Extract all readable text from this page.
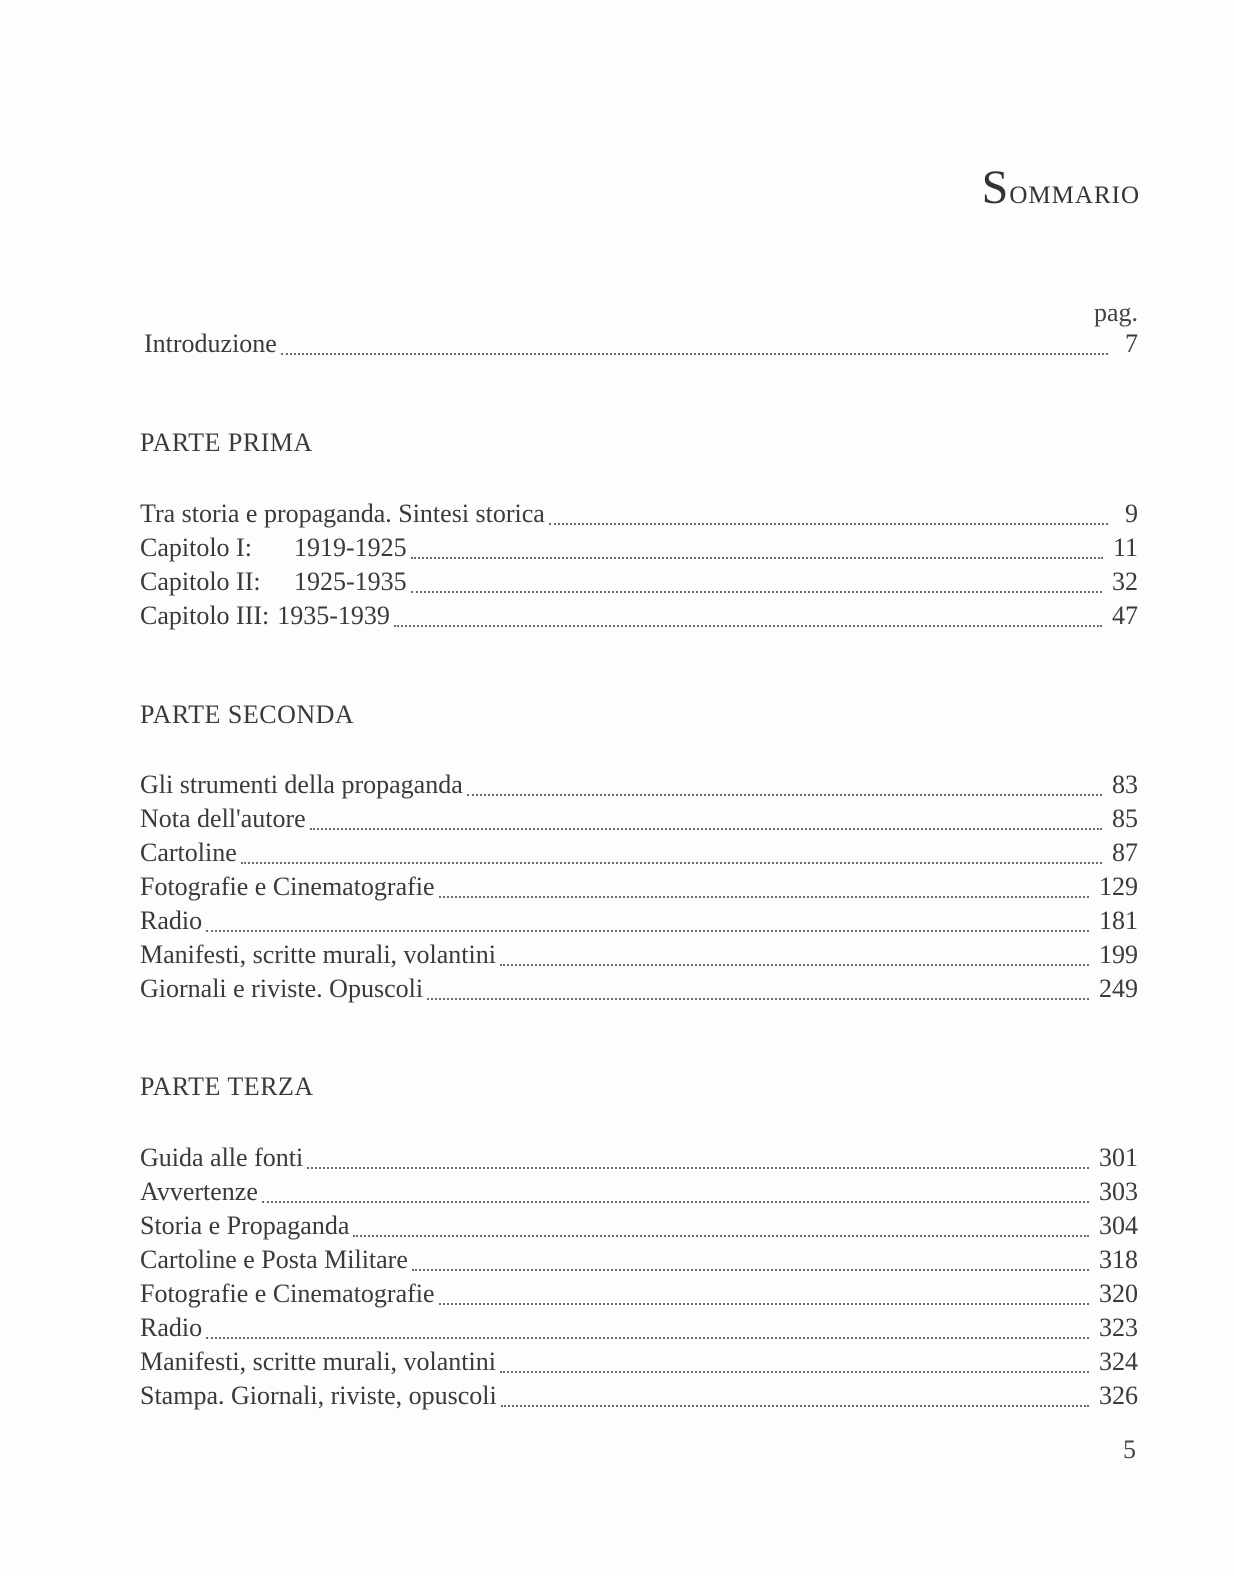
Sommario
pag.
Introduzione	7
PARTE PRIMA
Tra storia e propaganda. Sintesi storica	9
Capitolo I:	1919-1925	11
Capitolo II:	1925-1935	32
Capitolo III: 1935-1939	47
PARTE SECONDA
Gli strumenti della propaganda	83
Nota dell'autore	85
Cartoline	87
Fotografie e Cinematografie	129
Radio	181
Manifesti, scritte murali, volantini	199
Giornali e riviste. Opuscoli	249
PARTE TERZA
Guida alle fonti	301
Avvertenze	303
Storia e Propaganda	304
Cartoline e Posta Militare	318
Fotografie e Cinematografie	320
Radio	323
Manifesti, scritte murali, volantini	324
Stampa. Giornali, riviste, opuscoli	326
5
